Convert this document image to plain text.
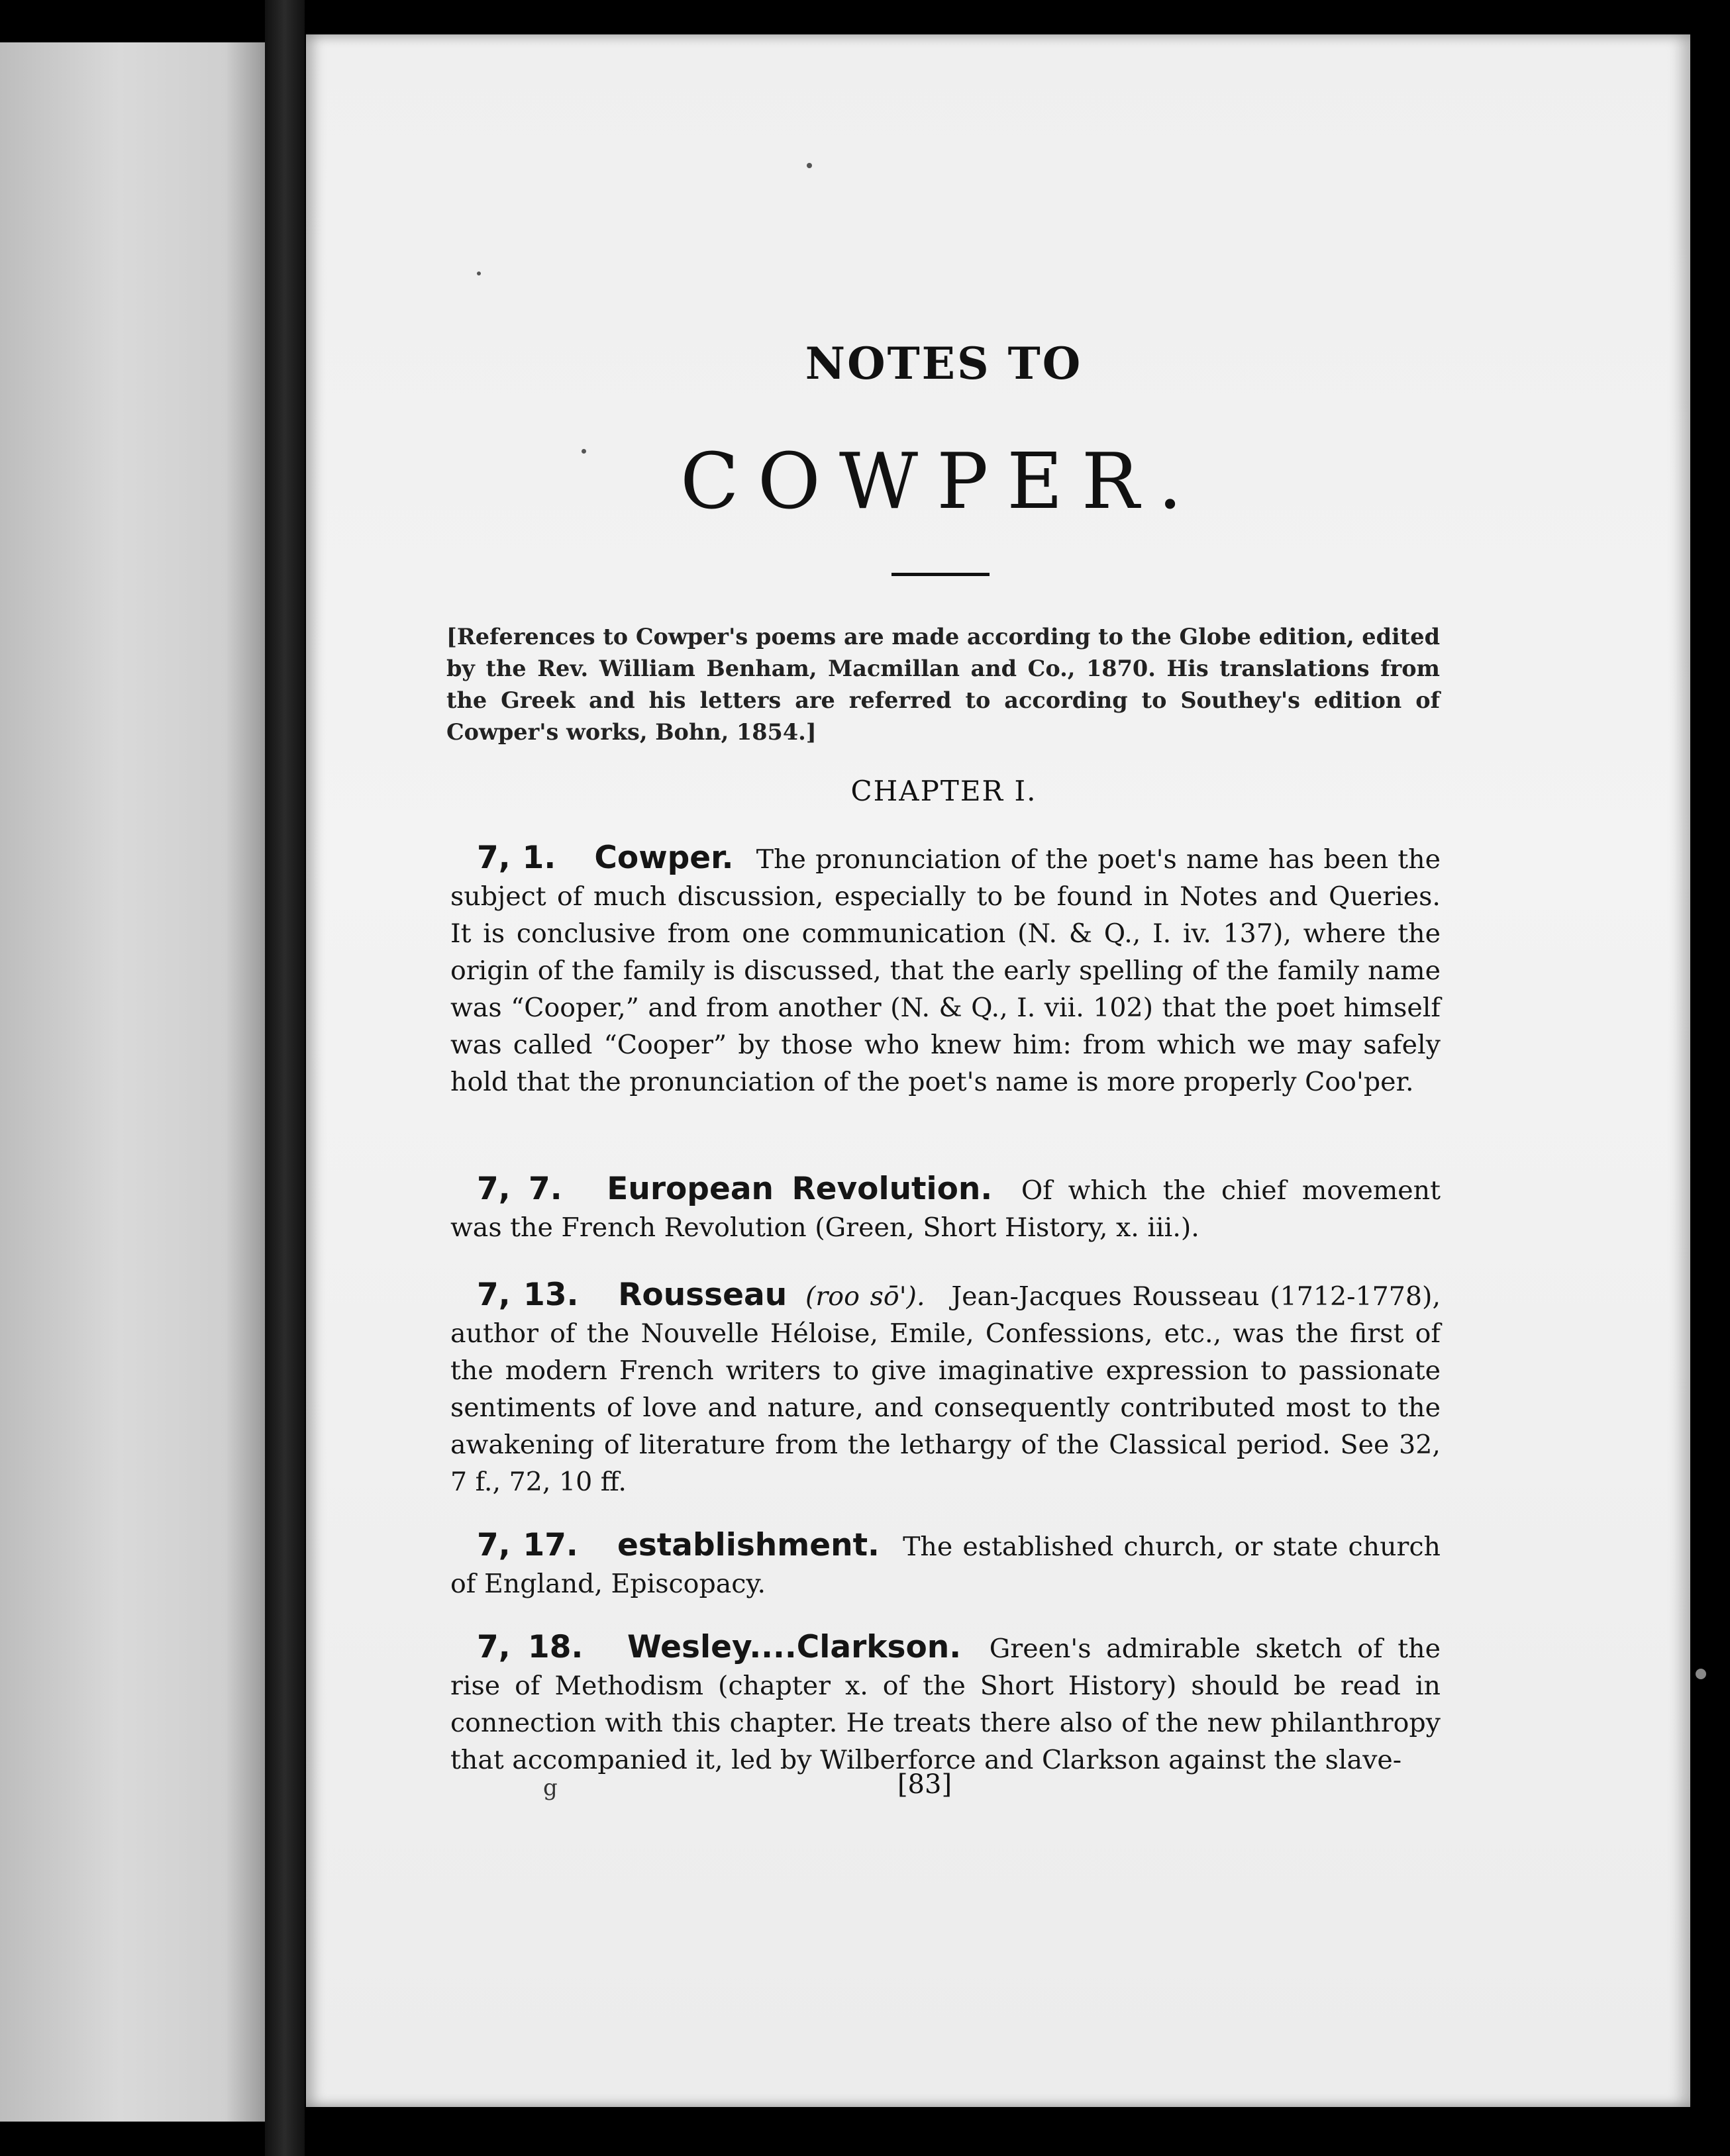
NOTES TO
COWPER.
[References to Cowper's poems are made according to the Globe edition, edited by the Rev. William Benham, Macmillan and Co., 1870. His translations from the Greek and his letters are referred to according to Southey's edition of Cowper's works, Bohn, 1854.]
CHAPTER I.
7, 1. Cowper. The pronunciation of the poet's name has been the subject of much discussion, especially to be found in Notes and Queries. It is conclusive from one communication (N. & Q., I. iv. 137), where the origin of the family is discussed, that the early spelling of the family name was “Cooper,” and from another (N. & Q., I. vii. 102) that the poet himself was called “Cooper” by those who knew him: from which we may safely hold that the pronunciation of the poet's name is more properly Coo'per.
7, 7. European Revolution. Of which the chief movement was the French Revolution (Green, Short History, x. iii.).
7, 13. Rousseau (roo sō'). Jean-Jacques Rousseau (1712-1778), author of the Nouvelle Héloise, Emile, Confessions, etc., was the first of the modern French writers to give imaginative expression to passionate sentiments of love and nature, and consequently contributed most to the awakening of literature from the lethargy of the Classical period. See 32, 7 f., 72, 10 ff.
7, 17. establishment. The established church, or state church of England, Episcopacy.
7, 18. Wesley....Clarkson. Green's admirable sketch of the rise of Methodism (chapter x. of the Short History) should be read in connection with this chapter. He treats there also of the new philanthropy that accompanied it, led by Wilberforce and Clarkson against the slave-
g	[83]
